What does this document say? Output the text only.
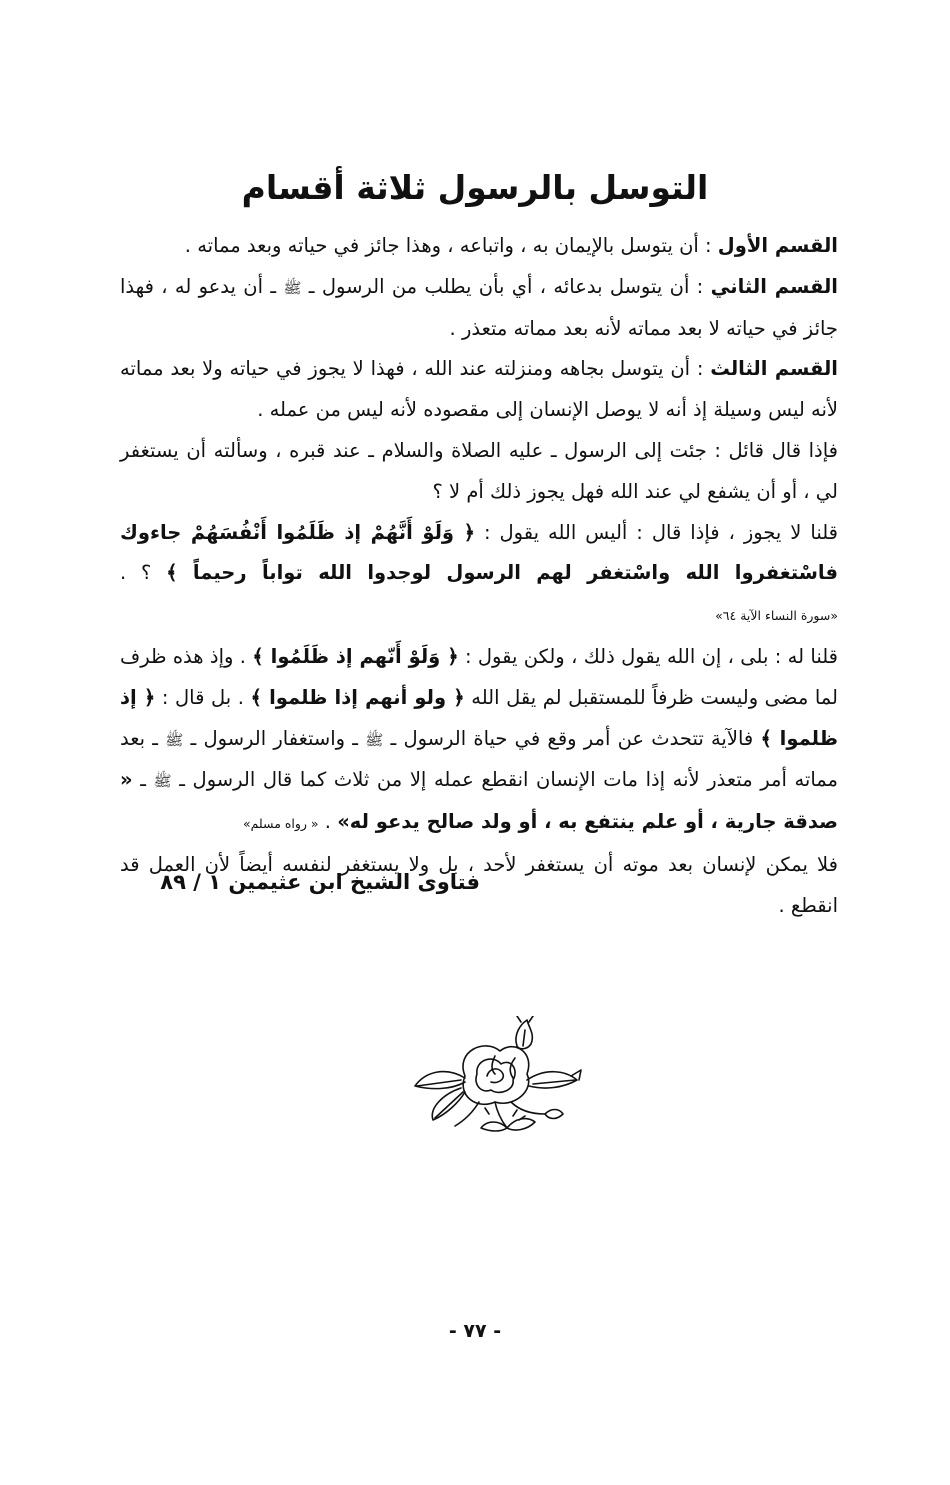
التوسل بالرسول ثلاثة أقسام

القسم الأول : أن يتوسل بالإيمان به ، واتباعه ، وهذا جائز في حياته وبعد مماته .

القسم الثاني : أن يتوسل بدعائه ، أي بأن يطلب من الرسول ـ ﷺ ـ أن يدعو له ، فهذا جائز في حياته لا بعد مماته لأنه بعد مماته متعذر .

القسم الثالث : أن يتوسل بجاهه ومنزلته عند الله ، فهذا لا يجوز في حياته ولا بعد مماته لأنه ليس وسيلة إذ أنه لا يوصل الإنسان إلى مقصوده لأنه ليس من عمله .

فإذا قال قائل : جئت إلى الرسول ـ عليه الصلاة والسلام ـ عند قبره ، وسألته أن يستغفر لي ، أو أن يشفع لي عند الله فهل يجوز ذلك أم لا ؟

قلنا لا يجوز ، فإذا قال : أليس الله يقول : ﴿ وَلَوْ أَنَّهُمْ إذ ظَلَمُوا أَنْفُسَهُمْ جاءوك فاسْتغفروا الله واسْتغفر لهم الرسول لوجدوا الله تواباً رحيماً ﴾ ؟ . «سورة النساء الآية ٦٤»

قلنا له : بلى ، إن الله يقول ذلك ، ولكن يقول : ﴿ وَلَوْ أَنّهم إذ ظَلَمُوا ﴾ . وإذ هذه ظرف لما مضى وليست ظرفاً للمستقبل لم يقل الله ﴿ ولو أنهم إذا ظلموا ﴾ . بل قال : ﴿ إذ ظلموا ﴾ فالآية تتحدث عن أمر وقع في حياة الرسول ـ ﷺ ـ واستغفار الرسول ـ ﷺ ـ بعد مماته أمر متعذر لأنه إذا مات الإنسان انقطع عمله إلا من ثلاث كما قال الرسول ـ ﷺ ـ « صدقة جارية ، أو علم ينتفع به ، أو ولد صالح يدعو له» . « رواه مسلم»

فلا يمكن لإنسان بعد موته أن يستغفر لأحد ، بل ولا يستغفر لنفسه أيضاً لأن العمل قد انقطع .

فتاوى الشيخ ابن عثيمين ١ / ٨٩
- ٧٧ -
